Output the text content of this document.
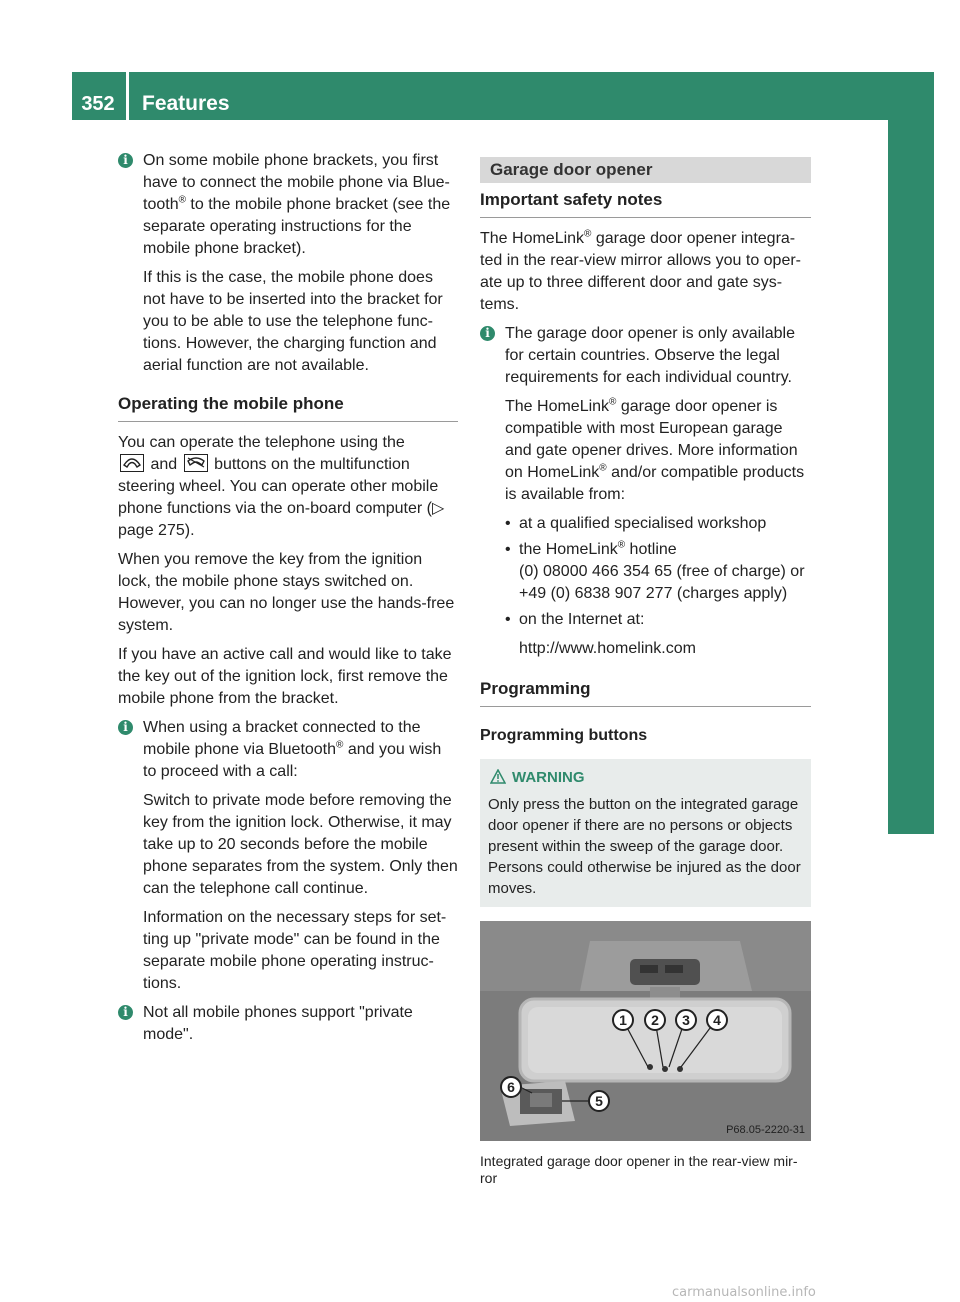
352	Features
Stowing and features
i On some mobile phone brackets, you first have to connect the mobile phone via Blue-tooth® to the mobile phone bracket (see the separate operating instructions for the mobile phone bracket).

If this is the case, the mobile phone does not have to be inserted into the bracket for you to be able to use the telephone func-tions. However, the charging function and aerial function are not available.

Operating the mobile phone

You can operate the telephone using the

and buttons on the multifunction steering wheel. You can operate other mobile phone functions via the on-board computer (▷ page 275).

When you remove the key from the ignition lock, the mobile phone stays switched on. However, you can no longer use the hands-free system.

If you have an active call and would like to take the key out of the ignition lock, first remove the mobile phone from the bracket.

i When using a bracket connected to the mobile phone via Bluetooth® and you wish to proceed with a call:

Switch to private mode before removing the key from the ignition lock. Otherwise, it may take up to 20 seconds before the mobile phone separates from the system. Only then can the telephone call continue.

Information on the necessary steps for set-ting up "private mode" can be found in the separate mobile phone operating instruc-tions.

i Not all mobile phones support "private mode".

Garage door opener
Important safety notes

The HomeLink® garage door opener integra-ted in the rear-view mirror allows you to oper-ate up to three different door and gate sys-tems.

i The garage door opener is only available for certain countries. Observe the legal requirements for each individual country.

The HomeLink® garage door opener is compatible with most European garage and gate opener drives. More information on HomeLink® and/or compatible products is available from:

• at a qualified specialised workshop
• the HomeLink® hotline
(0) 08000 466 354 65 (free of charge) or +49 (0) 6838 907 277 (charges apply)
• on the Internet at:
http://www.homelink.com
Programming
Programming buttons
WARNING
Only press the button on the integrated garage door opener if there are no persons or objects present within the sweep of the garage door. Persons could otherwise be injured as the door moves.
1 2 3 4
5
6
P68.05-2220-31
Integrated garage door opener in the rear-view mir-ror
carmanualsonline.info
